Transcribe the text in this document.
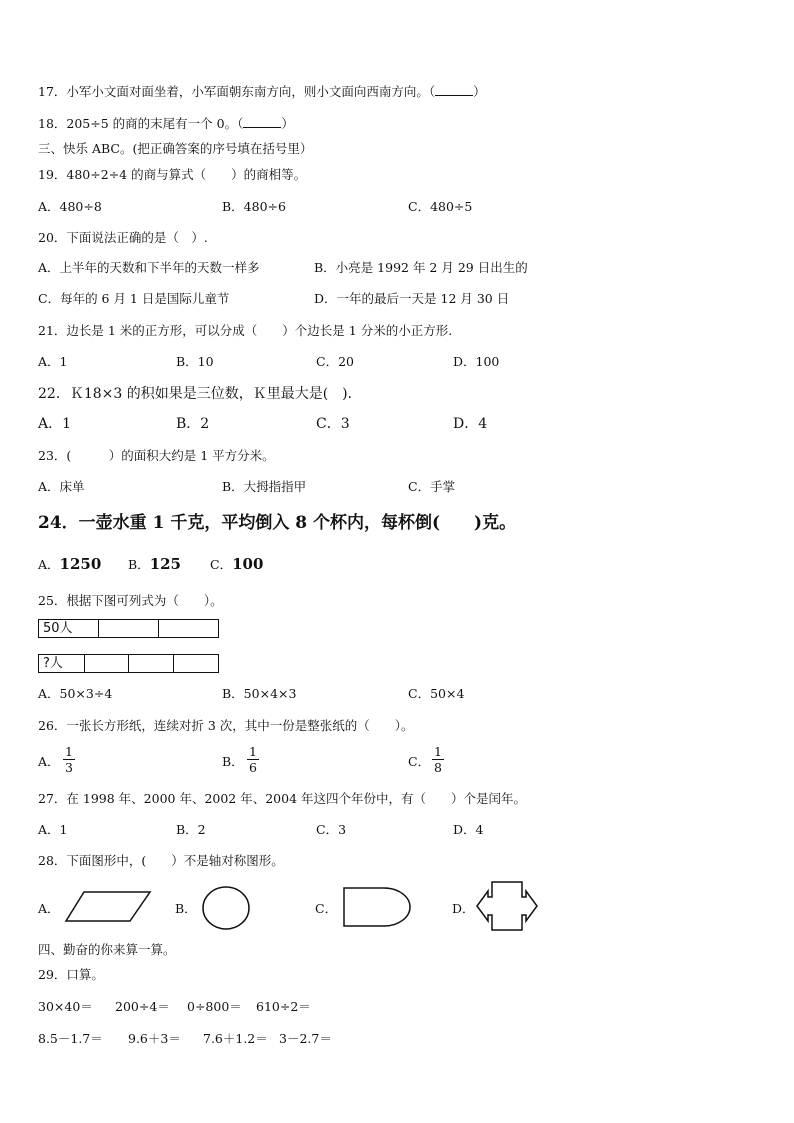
17．小军小文面对面坐着，小军面朝东南方向，则小文面向西南方向。（	）
18．205÷5 的商的末尾有一个 0。（	）
三、快乐 ABC。(把正确答案的序号填在括号里）
19．480÷2÷4 的商与算式（　　）的商相等。
A．480÷8	B．480÷6	C．480÷5
20．下面说法正确的是（　）.
A．上半年的天数和下半年的天数一样多	B．小亮是 1992 年 2 月 29 日出生的
C．每年的 6 月 1 日是国际儿童节	D．一年的最后一天是 12 月 30 日
21．边长是 1 米的正方形，可以分成（　　）个边长是 1 分米的小正方形.
A．1	B．10	C．20	D．100
22．Ｋ18×3 的积如果是三位数，Ｋ里最大是(　)．
A．1	B．2	C．3	D．4
23．(　　　）的面积大约是 1 平方分米。
A．床单	B．大拇指指甲	C．手掌
24．一壶水重 1 千克，平均倒入 8 个杯内，每杯倒(　　)克。
A．1250 B．125 C．100
25．根据下图可列式为（　　）。
50人
?人
A．50×3÷4	B．50×4×3	C．50×4
26．一张长方形纸，连续对折 3 次，其中一份是整张纸的（　　）。
A． $\frac{1}{3}$	B． $\frac{1}{6}$	C． $\frac{1}{8}$
27．在 1998 年、2000 年、2002 年、2004 年这四个年份中，有（　　）个是闰年。
A．1	B．2	C．3	D．4
28．下面图形中，(　　）不是轴对称图形。
A．	B．	C．	D．
四、勤奋的你来算一算。
29．口算。
30×40＝ 200÷4＝ 0÷800＝ 610÷2＝
8.5－1.7＝ 9.6＋3＝ 7.6＋1.2＝ 3－2.7＝
